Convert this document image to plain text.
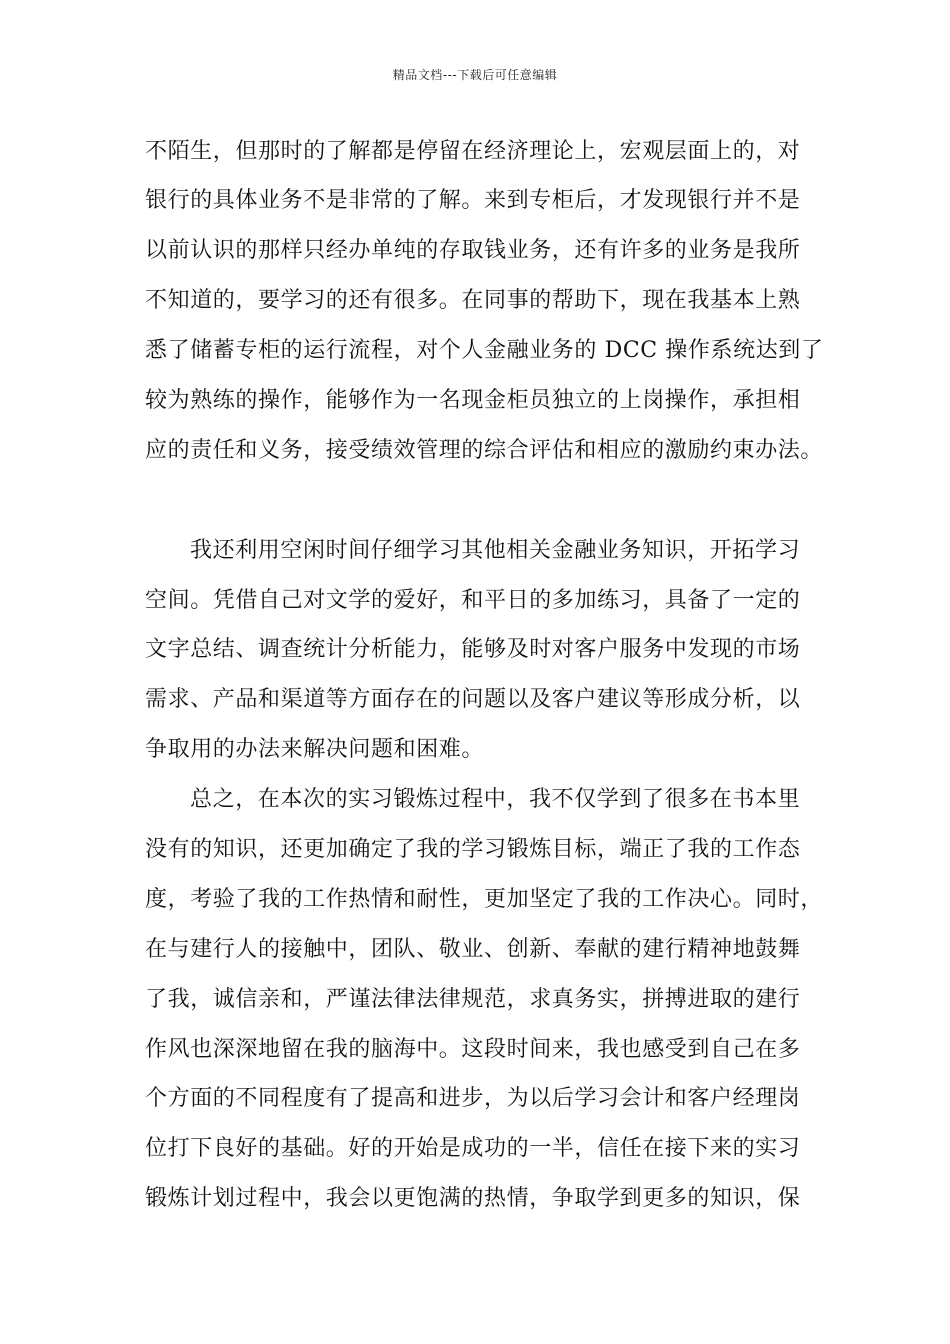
精品文档---下载后可任意编辑
不陌生，但那时的了解都是停留在经济理论上，宏观层面上的，对
银行的具体业务不是非常的了解。来到专柜后，才发现银行并不是
以前认识的那样只经办单纯的存取钱业务，还有许多的业务是我所
不知道的，要学习的还有很多。在同事的帮助下，现在我基本上熟
悉了储蓄专柜的运行流程，对个人金融业务的 DCC 操作系统达到了
较为熟练的操作，能够作为一名现金柜员独立的上岗操作，承担相
应的责任和义务，接受绩效管理的综合评估和相应的激励约束办法。
我还利用空闲时间仔细学习其他相关金融业务知识，开拓学习
空间。凭借自己对文学的爱好，和平日的多加练习，具备了一定的
文字总结、调查统计分析能力，能够及时对客户服务中发现的市场
需求、产品和渠道等方面存在的问题以及客户建议等形成分析，以
争取用的办法来解决问题和困难。
总之，在本次的实习锻炼过程中，我不仅学到了很多在书本里
没有的知识，还更加确定了我的学习锻炼目标，端正了我的工作态
度，考验了我的工作热情和耐性，更加坚定了我的工作决心。同时，
在与建行人的接触中，团队、敬业、创新、奉献的建行精神地鼓舞
了我，诚信亲和，严谨法律法律规范，求真务实，拼搏进取的建行
作风也深深地留在我的脑海中。这段时间来，我也感受到自己在多
个方面的不同程度有了提高和进步，为以后学习会计和客户经理岗
位打下良好的基础。好的开始是成功的一半，信任在接下来的实习
锻炼计划过程中，我会以更饱满的热情，争取学到更多的知识，保
